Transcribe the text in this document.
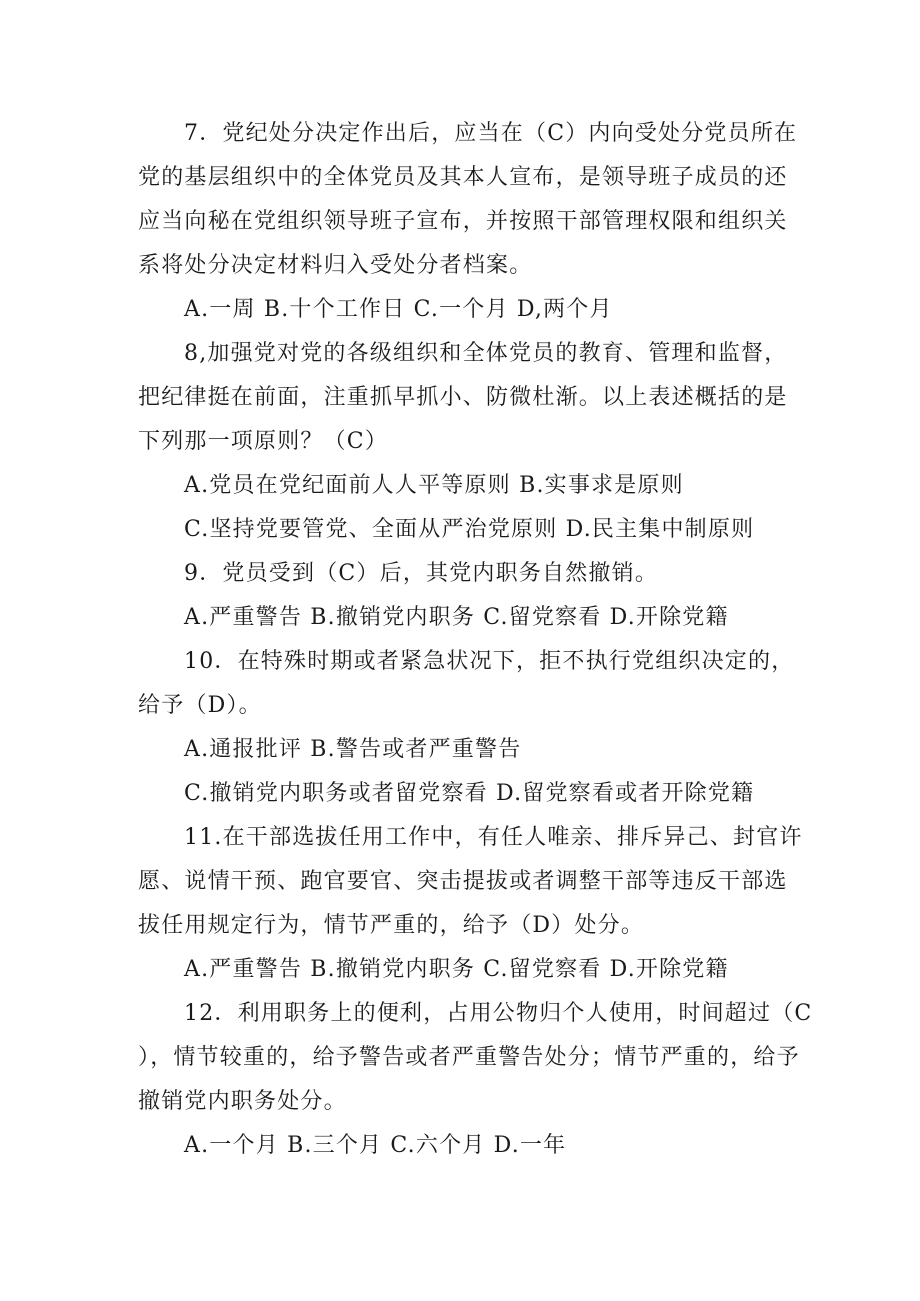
7．党纪处分决定作出后，应当在（C）内向受处分党员所在
党的基层组织中的全体党员及其本人宣布，是领导班子成员的还
应当向秘在党组织领导班子宣布，并按照干部管理权限和组织关
系将处分决定材料归入受处分者档案。
A.一周 B.十个工作日 C.一个月 D,两个月
8,加强党对党的各级组织和全体党员的教育、管理和监督，
把纪律挺在前面，注重抓早抓小、防微杜渐。以上表述概括的是
下列那一项原则？（C）
A.党员在党纪面前人人平等原则 B.实事求是原则
C.坚持党要管党、全面从严治党原则 D.民主集中制原则
9．党员受到（C）后，其党内职务自然撤销。
A.严重警告 B.撤销党内职务 C.留党察看 D.开除党籍
10．在特殊时期或者紧急状况下，拒不执行党组织决定的，
给予（D）。
A.通报批评 B.警告或者严重警告
C.撤销党内职务或者留党察看 D.留党察看或者开除党籍
11.在干部选拔任用工作中，有任人唯亲、排斥异己、封官许
愿、说情干预、跑官要官、突击提拔或者调整干部等违反干部选
拔任用规定行为，情节严重的，给予（D）处分。
A.严重警告 B.撤销党内职务 C.留党察看 D.开除党籍
12．利用职务上的便利，占用公物归个人使用，时间超过（C
），情节较重的，给予警告或者严重警告处分；情节严重的，给予
撤销党内职务处分。
A.一个月 B.三个月 C.六个月 D.一年
